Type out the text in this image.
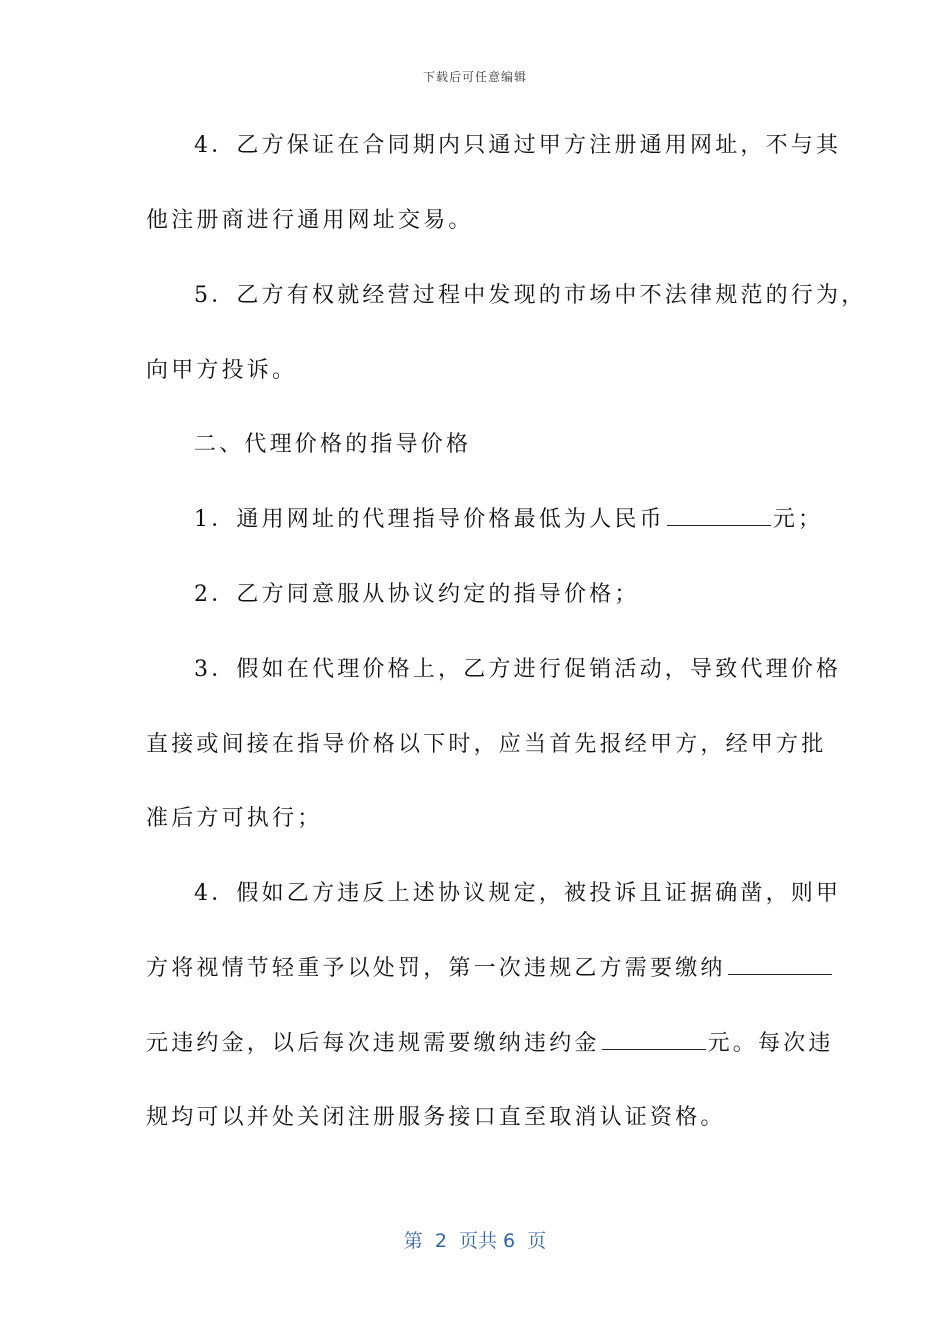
下载后可任意编辑
4．乙方保证在合同期内只通过甲方注册通用网址，不与其
他注册商进行通用网址交易。
5．乙方有权就经营过程中发现的市场中不法律规范的行为，
向甲方投诉。
二、代理价格的指导价格
1．通用网址的代理指导价格最低为人民币	元；
2．乙方同意服从协议约定的指导价格；
3．假如在代理价格上，乙方进行促销活动，导致代理价格
直接或间接在指导价格以下时，应当首先报经甲方，经甲方批
准后方可执行；
4．假如乙方违反上述协议规定，被投诉且证据确凿，则甲
方将视情节轻重予以处罚，第一次违规乙方需要缴纳
元违约金，以后每次违规需要缴纳违约金	元。每次违
规均可以并处关闭注册服务接口直至取消认证资格。
第  2  页共 6  页
